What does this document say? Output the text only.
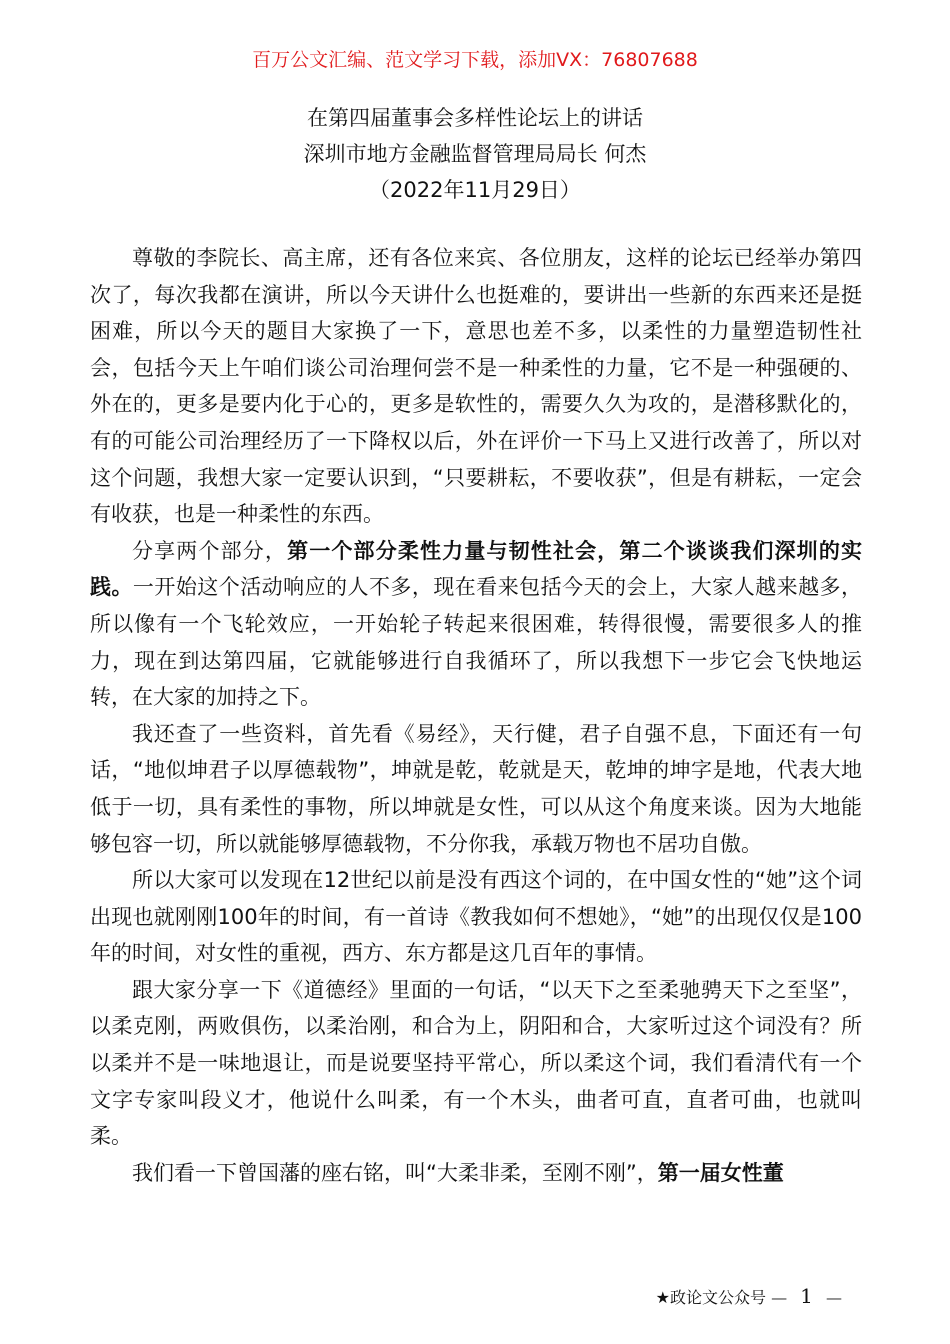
百万公文汇编、范文学习下载，添加VX：76807688
在第四届董事会多样性论坛上的讲话
深圳市地方金融监督管理局局长 何杰
（2022年11月29日）

尊敬的李院长、高主席，还有各位来宾、各位朋友，这样的论坛已经举办第四次了，每次我都在演讲，所以今天讲什么也挺难的，要讲出一些新的东西来还是挺困难，所以今天的题目大家换了一下，意思也差不多，以柔性的力量塑造韧性社会，包括今天上午咱们谈公司治理何尝不是一种柔性的力量，它不是一种强硬的、外在的，更多是要内化于心的，更多是软性的，需要久久为攻的，是潜移默化的，有的可能公司治理经历了一下降权以后，外在评价一下马上又进行改善了，所以对这个问题，我想大家一定要认识到，“只要耕耘，不要收获”，但是有耕耘，一定会有收获，也是一种柔性的东西。

分享两个部分，第一个部分柔性力量与韧性社会，第二个谈谈我们深圳的实践。一开始这个活动响应的人不多，现在看来包括今天的会上，大家人越来越多，所以像有一个飞轮效应，一开始轮子转起来很困难，转得很慢，需要很多人的推力，现在到达第四届，它就能够进行自我循环了，所以我想下一步它会飞快地运转，在大家的加持之下。

我还查了一些资料，首先看《易经》，天行健，君子自强不息，下面还有一句话，“地似坤君子以厚德载物”，坤就是乾，乾就是天，乾坤的坤字是地，代表大地低于一切，具有柔性的事物，所以坤就是女性，可以从这个角度来谈。因为大地能够包容一切，所以就能够厚德载物，不分你我，承载万物也不居功自傲。

所以大家可以发现在12世纪以前是没有西这个词的，在中国女性的“她”这个词出现也就刚刚100年的时间，有一首诗《教我如何不想她》，“她”的出现仅仅是100年的时间，对女性的重视，西方、东方都是这几百年的事情。

跟大家分享一下《道德经》里面的一句话，“以天下之至柔驰骋天下之至坚”，以柔克刚，两败俱伤，以柔治刚，和合为上，阴阳和合，大家听过这个词没有？所以柔并不是一味地退让，而是说要坚持平常心，所以柔这个词，我们看清代有一个文字专家叫段义才，他说什么叫柔，有一个木头，曲者可直，直者可曲，也就叫柔。

我们看一下曾国藩的座右铭，叫“大柔非柔，至刚不刚”，第一届女性董

★政论文公众号 — 1 —
